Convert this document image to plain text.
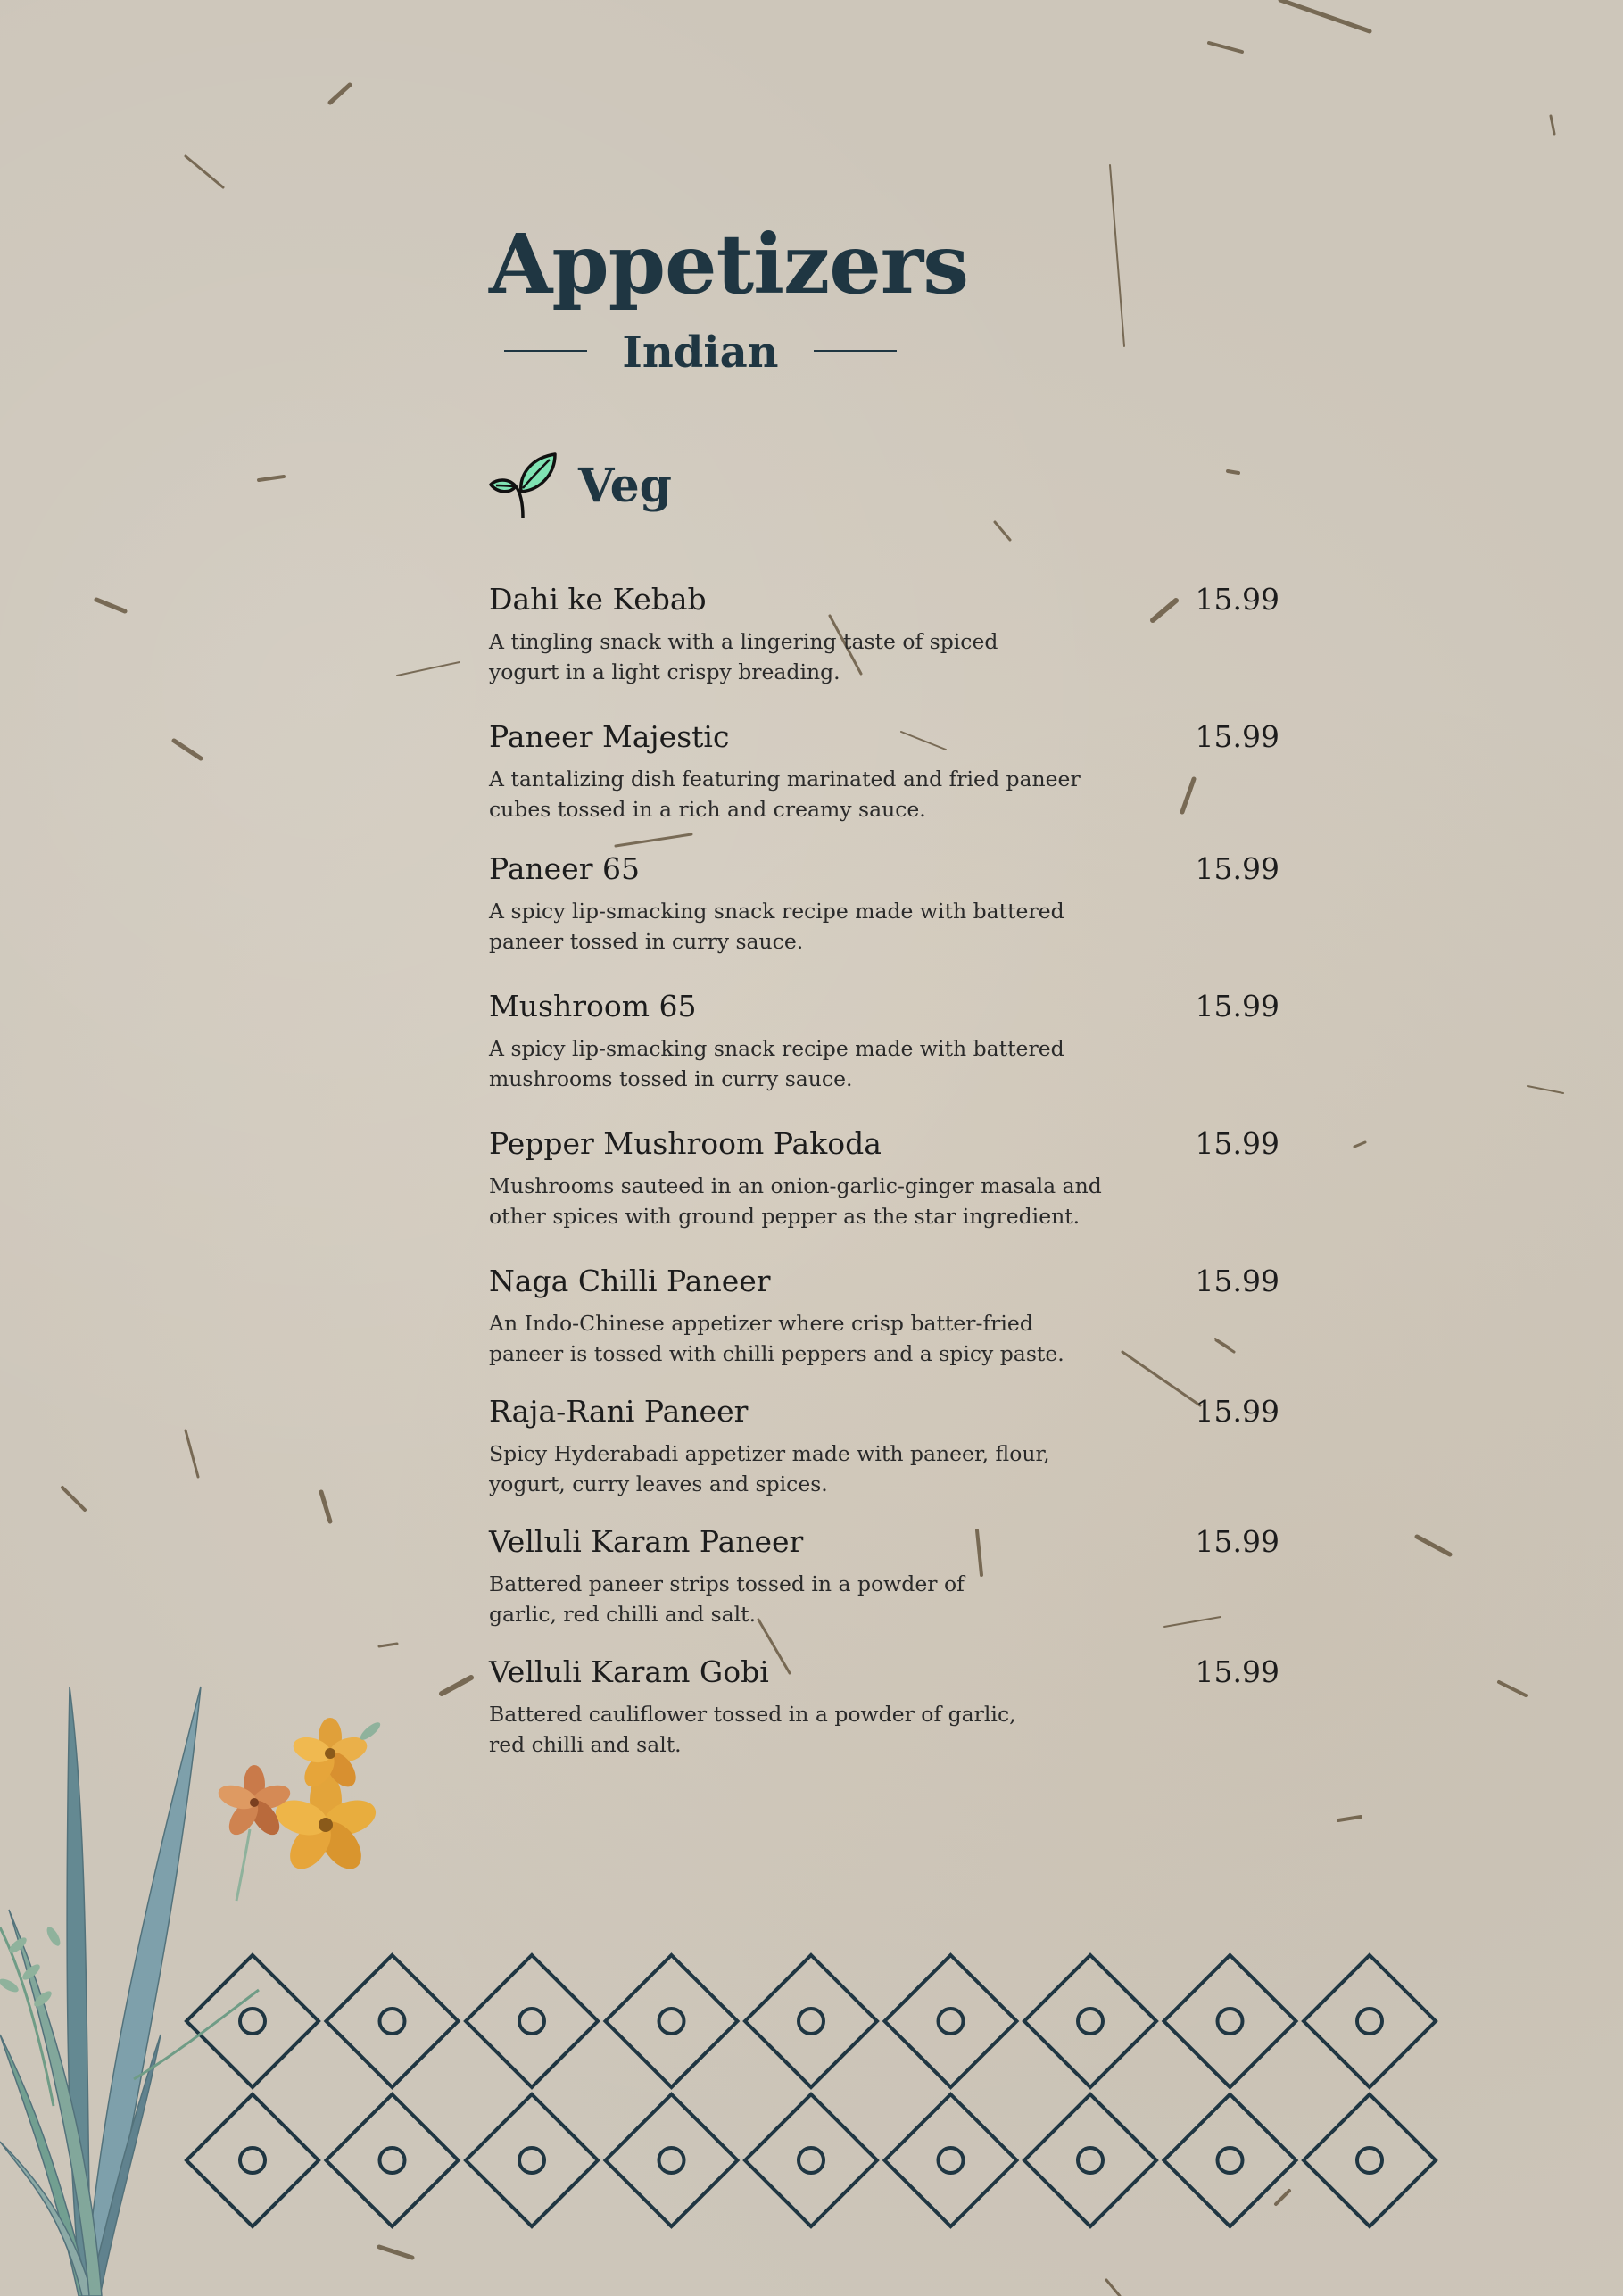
Appetizers
Indian
Veg
Dahi ke Kebab	15.99
A tingling snack with a lingering taste of spiced yogurt in a light crispy breading.
Paneer Majestic	15.99
A tantalizing dish featuring marinated and fried paneer cubes tossed in a rich and creamy sauce.
Paneer 65	15.99
A spicy lip-smacking snack recipe made with battered paneer tossed in curry sauce.
Mushroom 65	15.99
A spicy lip-smacking snack recipe made with battered mushrooms tossed in curry sauce.
Pepper Mushroom Pakoda	15.99
Mushrooms sauteed in an onion-garlic-ginger masala and other spices with ground pepper as the star ingredient.
Naga Chilli Paneer	15.99
An Indo-Chinese appetizer where crisp batter-fried paneer is tossed with chilli peppers and a spicy paste.
Raja-Rani Paneer	15.99
Spicy Hyderabadi appetizer made with paneer, flour, yogurt, curry leaves and spices.
Velluli Karam Paneer	15.99
Battered paneer strips tossed in a powder of garlic, red chilli and salt.
Velluli Karam Gobi	15.99
Battered cauliflower tossed in a powder of garlic, red chilli and salt.
